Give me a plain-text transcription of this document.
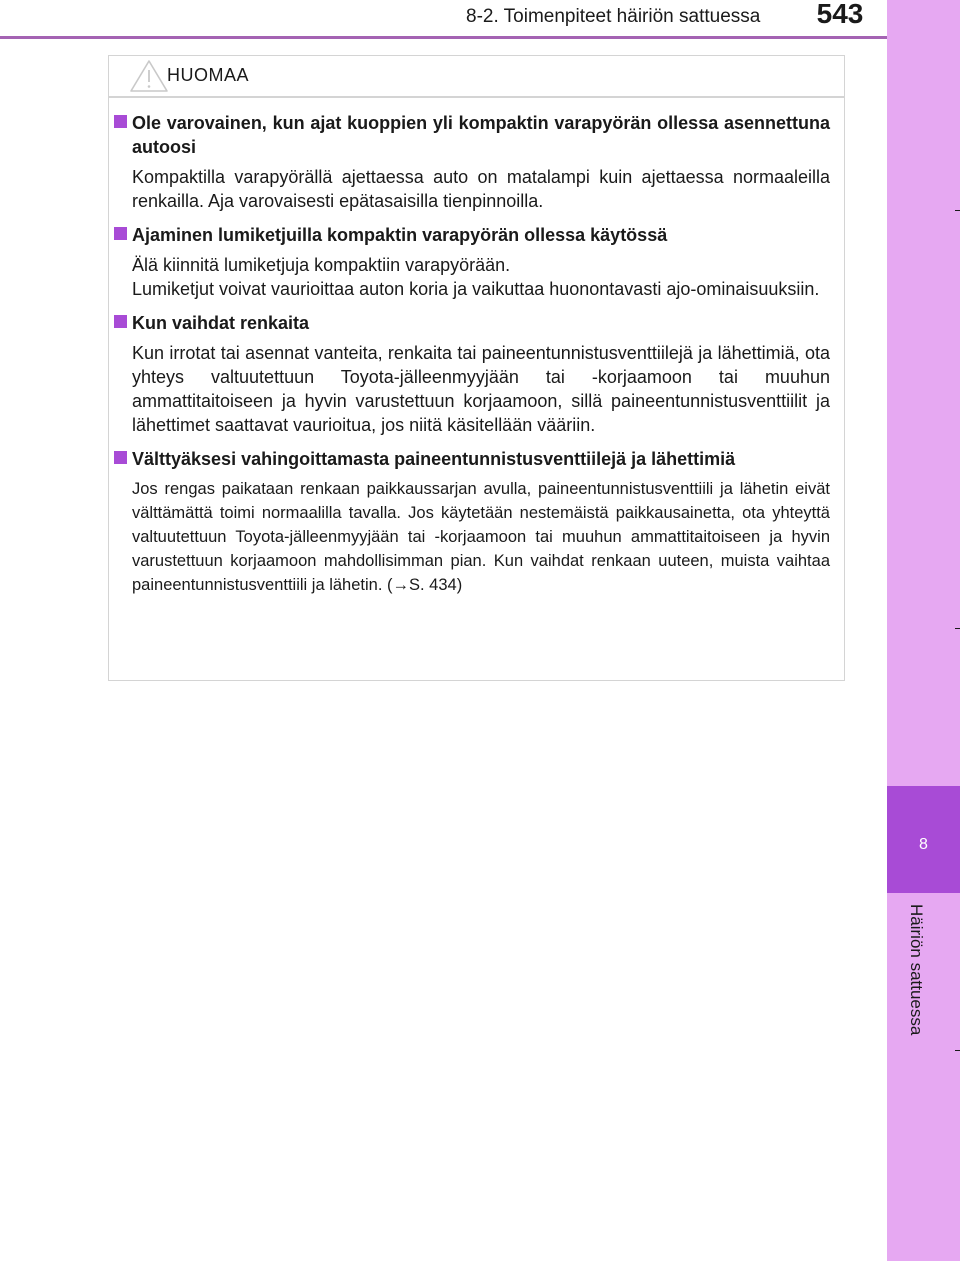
8-2. Toimenpiteet häiriön sattuessa	543
8
Häiriön sattuessa
HUOMAA
Ole varovainen, kun ajat kuoppien yli kompaktin varapyörän ollessa asennettuna autoosi
Kompaktilla varapyörällä ajettaessa auto on matalampi kuin ajettaessa normaaleilla renkailla. Aja varovaisesti epätasaisilla tienpinnoilla.
Ajaminen lumiketjuilla kompaktin varapyörän ollessa käytössä
Älä kiinnitä lumiketjuja kompaktiin varapyörään.
Lumiketjut voivat vaurioittaa auton koria ja vaikuttaa huonontavasti ajo-ominaisuuksiin.
Kun vaihdat renkaita
Kun irrotat tai asennat vanteita, renkaita tai paineentunnistusventtiilejä ja lähettimiä, ota yhteys valtuutettuun Toyota-jälleenmyyjään tai -korjaamoon tai muuhun ammattitaitoiseen ja hyvin varustettuun korjaamoon, sillä paineentunnistusventtiilit ja lähettimet saattavat vaurioitua, jos niitä käsitellään vääriin.
Välttyäksesi vahingoittamasta paineentunnistusventtiilejä ja lähettimiä
Jos rengas paikataan renkaan paikkaussarjan avulla, paineentunnistusventtiili ja lähetin eivät välttämättä toimi normaalilla tavalla. Jos käytetään nestemäistä paikkausainetta, ota yhteyttä valtuutettuun Toyota-jälleenmyyjään tai -korjaamoon tai muuhun ammattitaitoiseen ja hyvin varustettuun korjaamoon mahdollisimman pian. Kun vaihdat renkaan uuteen, muista vaihtaa paineentunnistusventtiili ja lähetin. (→S. 434)
